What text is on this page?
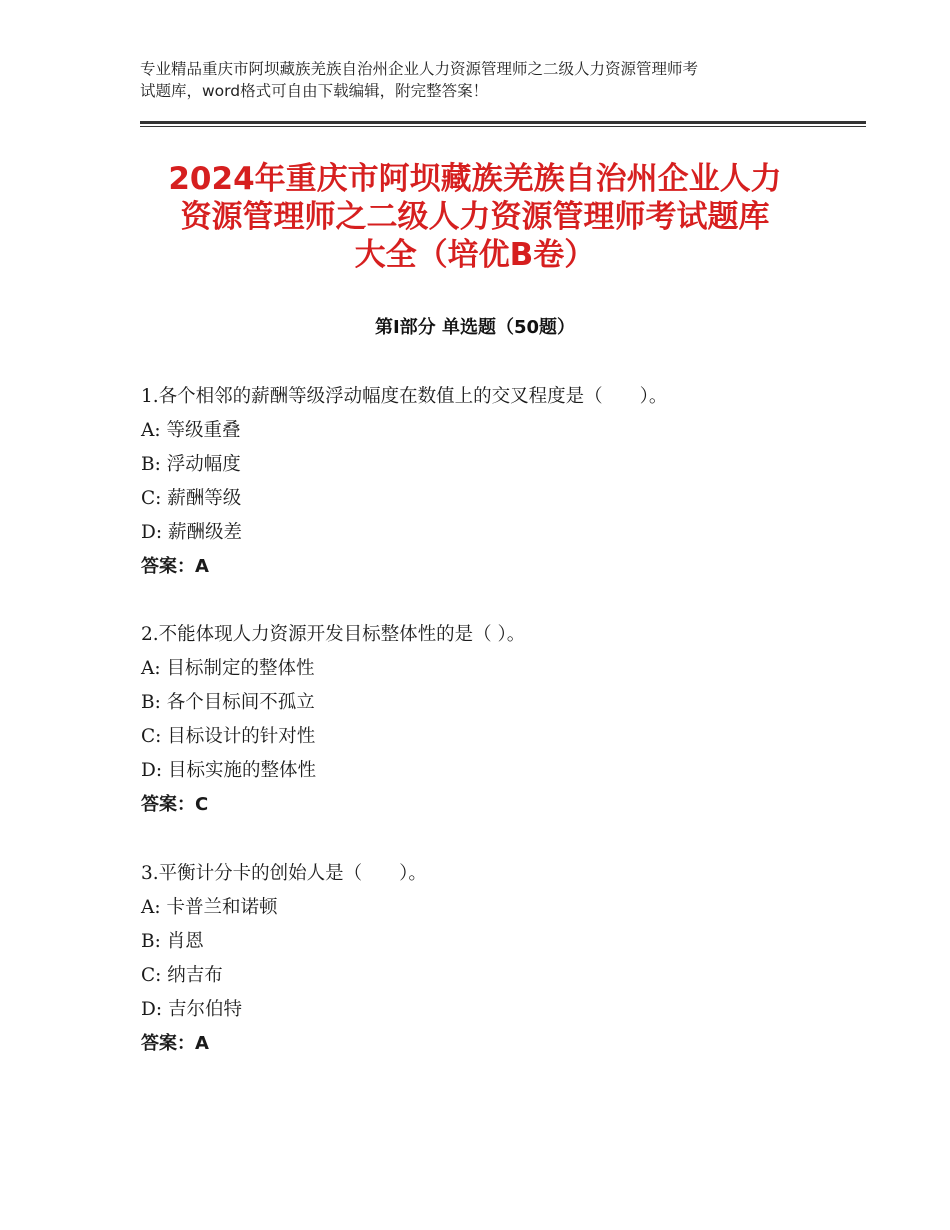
专业精品重庆市阿坝藏族羌族自治州企业人力资源管理师之二级人力资源管理师考
试题库，word格式可自由下载编辑，附完整答案！
2024年重庆市阿坝藏族羌族自治州企业人力
资源管理师之二级人力资源管理师考试题库
大全（培优B卷）
第Ⅰ部分 单选题（50题）
1.各个相邻的薪酬等级浮动幅度在数值上的交叉程度是（　　）。
A: 等级重叠
B: 浮动幅度
C: 薪酬等级
D: 薪酬级差
答案：A
2.不能体现人力资源开发目标整体性的是（ ）。
A: 目标制定的整体性
B: 各个目标间不孤立
C: 目标设计的针对性
D: 目标实施的整体性
答案：C
3.平衡计分卡的创始人是（　　）。
A: 卡普兰和诺顿
B: 肖恩
C: 纳吉布
D: 吉尔伯特
答案：A
